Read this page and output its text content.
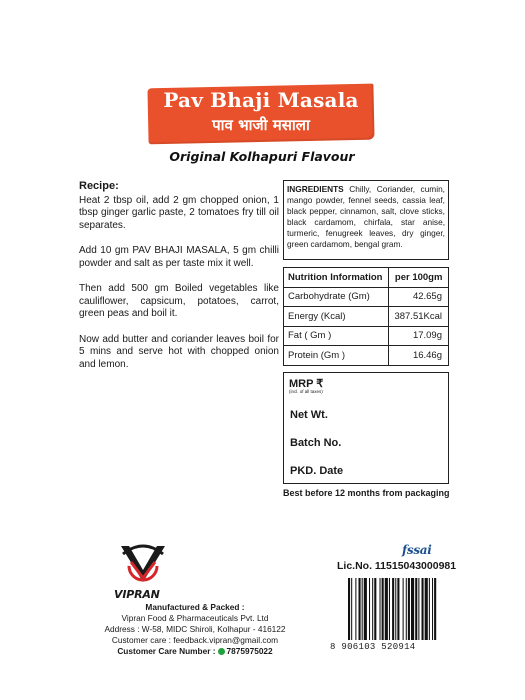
Pav Bhaji Masala
पाव भाजी मसाला
Original Kolhapuri Flavour
Recipe:

Heat 2 tbsp oil, add 2 gm chopped onion, 1 tbsp ginger garlic paste, 2 tomatoes fry till oil separates.

Add 10 gm PAV BHAJI MASALA, 5 gm chilli powder and salt as per taste mix it well.

Then add 500 gm Boiled vegetables like cauliflower, capsicum, potatoes, carrot, green peas and boil it.

Now add butter and coriander leaves boil for 5 mins and serve hot with chopped onion and lemon.

INGREDIENTS Chilly, Coriander, cumin, mango powder, fennel seeds, cassia leaf, black pepper, cinnamon, salt, clove sticks, black cardamom, chirfala, star anise, turmeric, fenugreek leaves, dry ginger, green cardamom, bengal gram.
Nutrition Information	per 100gm
Carbohydrate (Gm)	42.65g
Energy (Kcal)	387.51Kcal
Fat ( Gm )	17.09g
Protein (Gm )	16.46g
MRP ₹
(incl. of all taxes)
Net Wt.
Batch No.
PKD. Date
Best before 12 months from packaging
VIPRAN
Manufactured & Packed :
Vipran Food & Pharmaceuticals Pvt. Ltd
Address : W-58, MIDC Shiroli, Kolhapur - 416122
Customer care : feedback.vipran@gmail.com
Customer Care Number : 7875975022
fssai
Lic.No. 11515043000981
8 906103 520914
